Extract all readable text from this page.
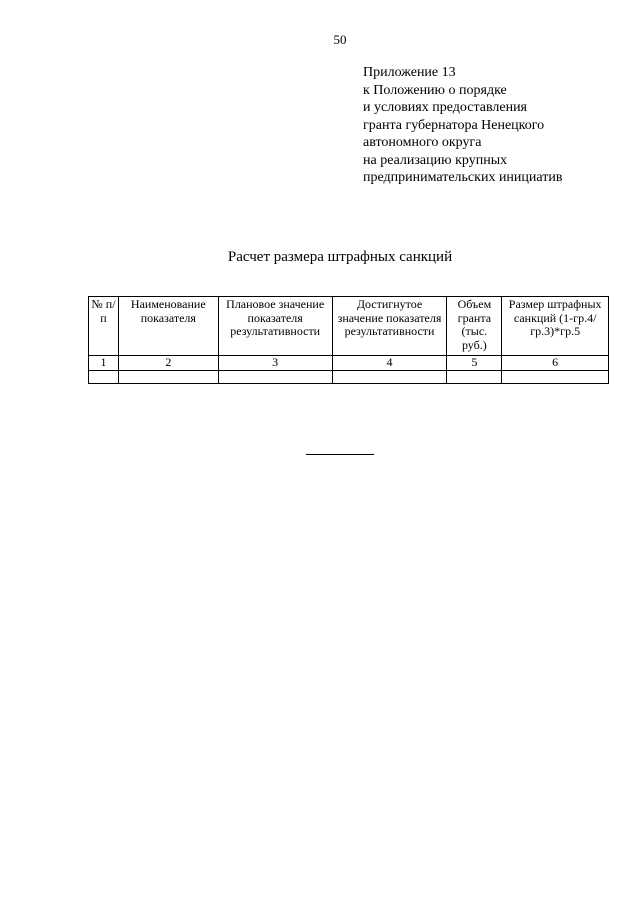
50
Приложение 13
к Положению о порядке
и условиях предоставления
гранта губернатора Ненецкого
автономного округа
на реализацию крупных
предпринимательских инициатив
Расчет размера штрафных санкций
№ п/п	Наименование показателя	Плановое значение показателя результативности	Достигнутое значение показателя результативности	Объем гранта (тыс. руб.)	Размер штрафных санкций (1-гр.4/гр.3)*гр.5
1	2	3	4	5	6
